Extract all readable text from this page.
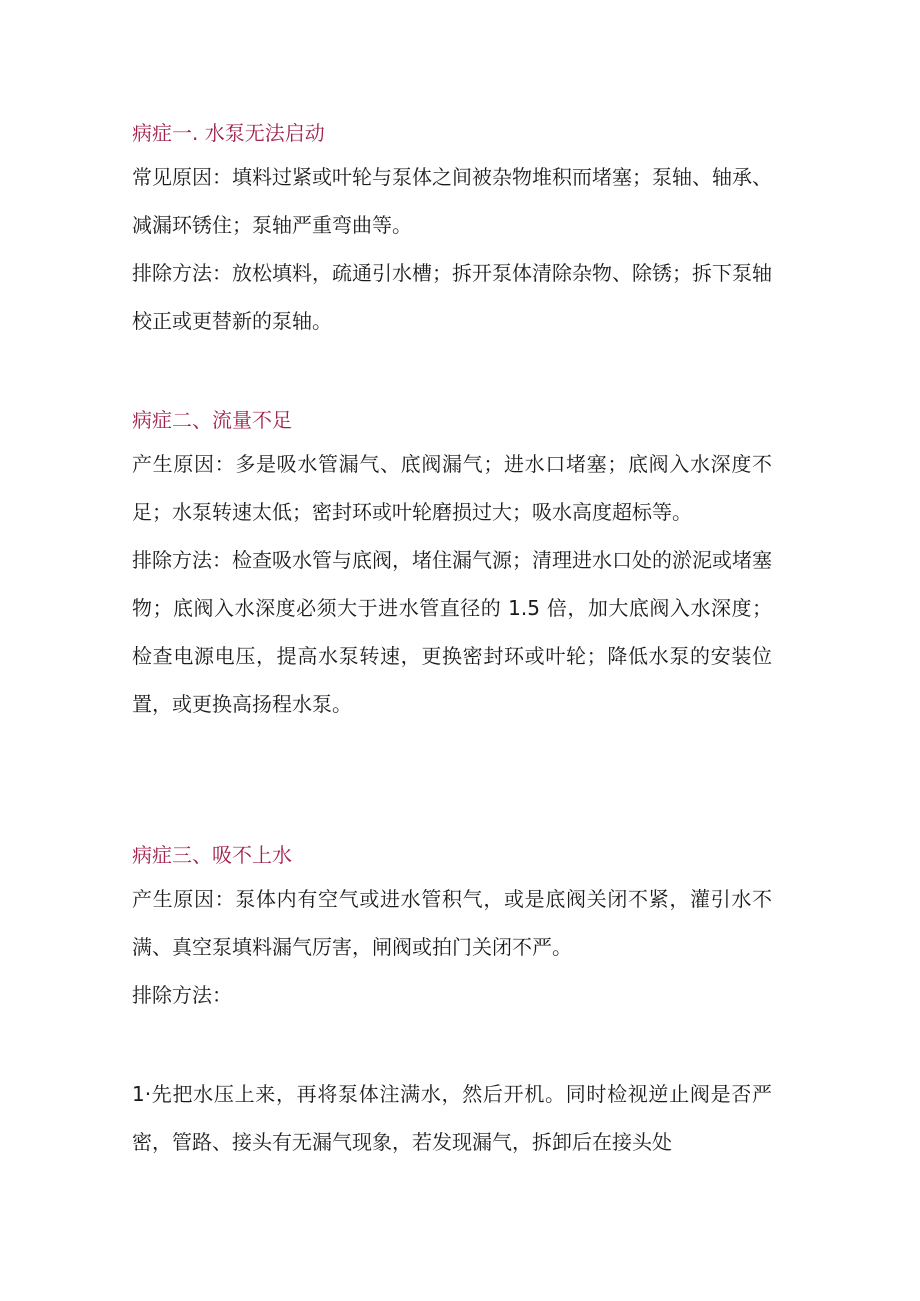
病症一. 水泵无法启动

常见原因：填料过紧或叶轮与泵体之间被杂物堆积而堵塞；泵轴、轴承、减漏环锈住；泵轴严重弯曲等。

排除方法：放松填料，疏通引水槽；拆开泵体清除杂物、除锈；拆下泵轴校正或更替新的泵轴。

病症二、流量不足

产生原因：多是吸水管漏气、底阀漏气；进水口堵塞；底阀入水深度不足；水泵转速太低；密封环或叶轮磨损过大；吸水高度超标等。

排除方法：检查吸水管与底阀，堵住漏气源；清理进水口处的淤泥或堵塞物；底阀入水深度必须大于进水管直径的 1.5 倍，加大底阀入水深度；检查电源电压，提高水泵转速，更换密封环或叶轮；降低水泵的安装位置，或更换高扬程水泵。

病症三、吸不上水

产生原因：泵体内有空气或进水管积气，或是底阀关闭不紧，灌引水不满、真空泵填料漏气厉害，闸阀或拍门关闭不严。

排除方法：

1·先把水压上来，再将泵体注满水，然后开机。同时检视逆止阀是否严密，管路、接头有无漏气现象，若发现漏气，拆卸后在接头处
